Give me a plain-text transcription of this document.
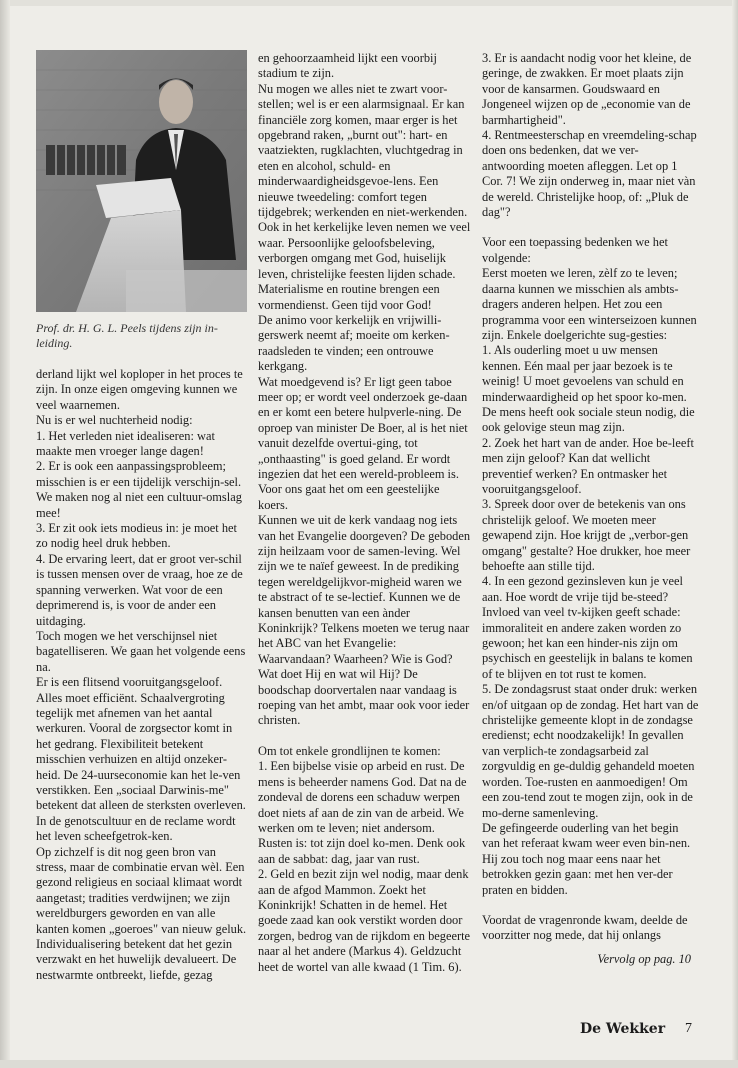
Prof. dr. H. G. L. Peels tijdens zijn in-leiding.
derland lijkt wel koploper in het proces te zijn. In onze eigen omgeving kunnen we veel waarnemen.
Nu is er wel nuchterheid nodig:
1. Het verleden niet idealiseren: wat maakte men vroeger lange dagen!
2. Er is ook een aanpassingsprobleem; misschien is er een tijdelijk verschijn-sel. We maken nog al niet een cultuur-omslag mee!
3. Er zit ook iets modieus in: je moet het zo nodig heel druk hebben.
4. De ervaring leert, dat er groot ver-schil is tussen mensen over de vraag, hoe ze de spanning verwerken. Wat voor de een deprimerend is, is voor de ander een uitdaging.
Toch mogen we het verschijnsel niet bagatelliseren. We gaan het volgende eens na.
Er is een flitsend vooruitgangsgeloof. Alles moet efficiënt. Schaalvergroting tegelijk met afnemen van het aantal werkuren. Vooral de zorgsector komt in het gedrang. Flexibiliteit betekent misschien verhuizen en altijd onzeker-heid. De 24-uurseconomie kan het le-ven verstikken. Een „sociaal Darwinis-me" betekent dat alleen de sterksten overleven. In de genotscultuur en de reclame wordt het leven scheefgetrok-ken.
Op zichzelf is dit nog geen bron van stress, maar de combinatie ervan wèl. Een gezond religieus en sociaal klimaat wordt aangetast; tradities verdwijnen; we zijn wereldburgers geworden en van alle kanten komen „goeroes" van nieuw geluk.
Individualisering betekent dat het gezin verzwakt en het huwelijk devalueert. De nestwarmte ontbreekt, liefde, gezag
en gehoorzaamheid lijkt een voorbij stadium te zijn.
Nu mogen we alles niet te zwart voor-stellen; wel is er een alarmsignaal. Er kan financiële zorg komen, maar erger is het opgebrand raken, „burnt out": hart- en vaatziekten, rugklachten, vluchtgedrag in eten en alcohol, schuld- en minderwaardigheidsgevoe-lens. Een nieuwe tweedeling: comfort tegen tijdgebrek; werkenden en niet-werkenden.
Ook in het kerkelijke leven nemen we veel waar. Persoonlijke geloofsbeleving, verborgen omgang met God, huiselijk leven, christelijke feesten lijden schade. Materialisme en routine brengen een vormendienst. Geen tijd voor God!
De animo voor kerkelijk en vrijwilli-gerswerk neemt af; moeite om kerken-raadsleden te vinden; een ontrouwe kerkgang.
Wat moedgevend is? Er ligt geen taboe meer op; er wordt veel onderzoek ge-daan en er komt een betere hulpverle-ning. De oproep van minister De Boer, al is het niet vanuit dezelfde overtui-ging, tot „onthaasting" is goed geland. Er wordt ingezien dat het een wereld-probleem is. Voor ons gaat het om een geestelijke koers.
Kunnen we uit de kerk vandaag nog iets van het Evangelie doorgeven? De geboden zijn heilzaam voor de samen-leving. Wel zijn we te naïef geweest. In de prediking tegen wereldgelijkvor-migheid waren we te abstract of te se-lectief. Kunnen we de kansen benutten van een ànder Koninkrijk? Telkens moeten we terug naar het ABC van het Evangelie: Waarvandaan? Waarheen? Wie is God? Wat doet Hij en wat wil Hij? De boodschap doorvertalen naar vandaag is roeping van het ambt, maar ook voor ieder christen.
Om tot enkele grondlijnen te komen:
1. Een bijbelse visie op arbeid en rust. De mens is beheerder namens God. Dat na de zondeval de dorens een schaduw werpen doet niets af aan de zin van de arbeid. We werken om te leven; niet andersom. Rusten is: tot zijn doel ko-men. Denk ook aan de sabbat: dag, jaar van rust.
2. Geld en bezit zijn wel nodig, maar denk aan de afgod Mammon. Zoekt het Koninkrijk! Schatten in de hemel. Het goede zaad kan ook verstikt worden door zorgen, bedrog van de rijkdom en begeerte naar al het andere (Markus 4). Geldzucht heet de wortel van alle kwaad (1 Tim. 6).
3. Er is aandacht nodig voor het kleine, de geringe, de zwakken. Er moet plaats zijn voor de kansarmen. Goudswaard en Jongeneel wijzen op de „economie van de barmhartigheid".
4. Rentmeesterschap en vreemdeling-schap doen ons bedenken, dat we ver-antwoording moeten afleggen. Let op 1 Cor. 7! We zijn onderweg in, maar niet vàn de wereld. Christelijke hoop, of: „Pluk de dag"?
Voor een toepassing bedenken we het volgende:
Eerst moeten we leren, zèlf zo te leven; daarna kunnen we misschien als ambts-dragers anderen helpen. Het zou een programma voor een winterseizoen kunnen zijn. Enkele doelgerichte sug-gesties:
1. Als ouderling moet u uw mensen kennen. Eén maal per jaar bezoek is te weinig! U moet gevoelens van schuld en minderwaardigheid op het spoor ko-men. De mens heeft ook sociale steun nodig, die ook gelovige steun mag zijn.
2. Zoek het hart van de ander. Hoe be-leeft men zijn geloof? Kan dat wellicht preventief werken? En ontmasker het vooruitgangsgeloof.
3. Spreek door over de betekenis van ons christelijk geloof. We moeten meer gewapend zijn. Hoe krijgt de „verbor-gen omgang" gestalte? Hoe drukker, hoe meer behoefte aan stille tijd.
4. In een gezond gezinsleven kun je veel aan. Hoe wordt de vrije tijd be-steed? Invloed van veel tv-kijken geeft schade: immoraliteit en andere zaken worden zo gewoon; het kan een hinder-nis zijn om psychisch en geestelijk in balans te komen of te blijven en tot rust te komen.
5. De zondagsrust staat onder druk: werken en/of uitgaan op de zondag. Het hart van de christelijke gemeente klopt in de zondagse eredienst; echt noodzakelijk! In gevallen van verplich-te zondagsarbeid zal zorgvuldig en ge-duldig gehandeld moeten worden. Toe-rusten en aanmoedigen! Om een zou-tend zout te mogen zijn, ook in de mo-derne samenleving.
De gefingeerde ouderling van het begin van het referaat kwam weer even bin-nen. Hij zou toch nog maar eens naar het betrokken gezin gaan: met hen ver-der praten en bidden.
Voordat de vragenronde kwam, deelde de voorzitter nog mede, dat hij onlangs
Vervolg op pag. 10
De Wekker 7
